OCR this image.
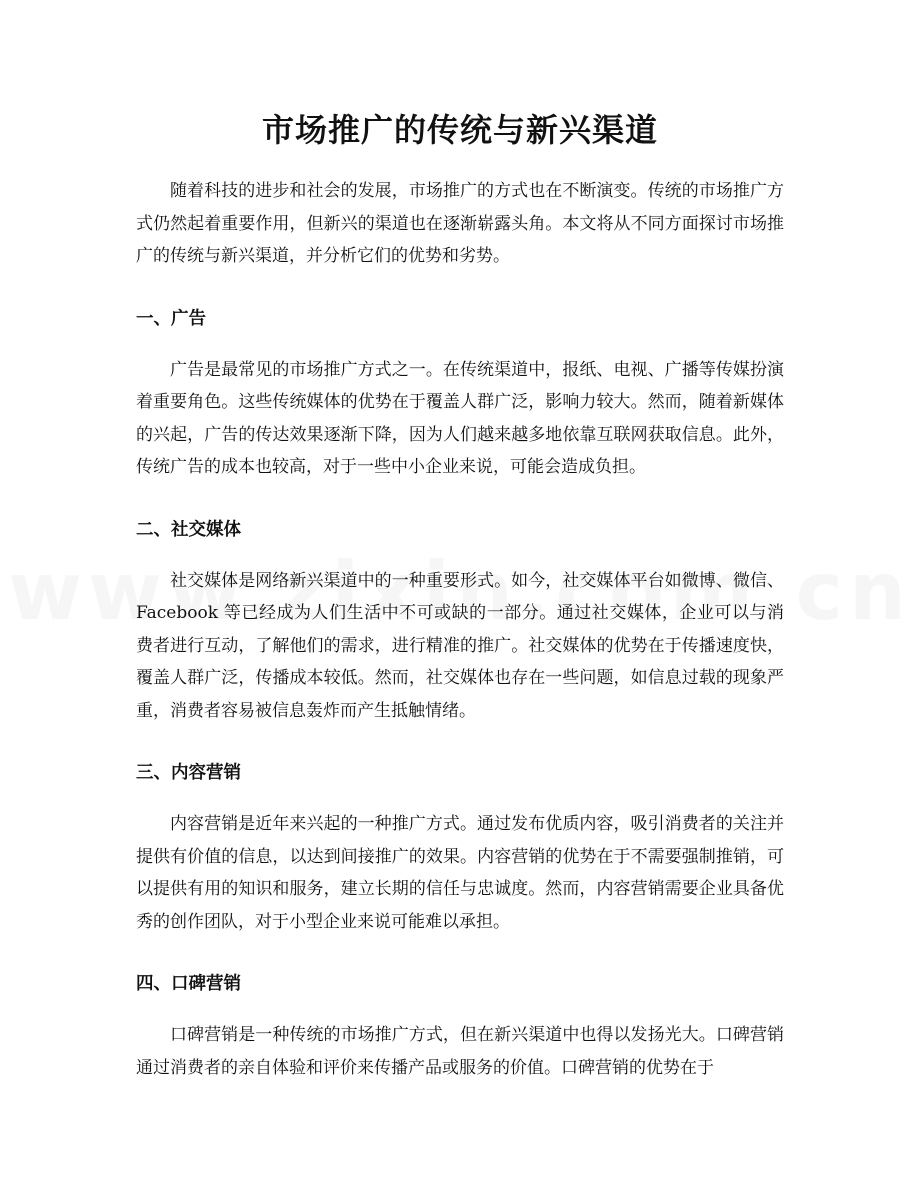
市场推广的传统与新兴渠道

随着科技的进步和社会的发展，市场推广的方式也在不断演变。传统的市场推广方式仍然起着重要作用，但新兴的渠道也在逐渐崭露头角。本文将从不同方面探讨市场推广的传统与新兴渠道，并分析它们的优势和劣势。

一、广告

广告是最常见的市场推广方式之一。在传统渠道中，报纸、电视、广播等传媒扮演着重要角色。这些传统媒体的优势在于覆盖人群广泛，影响力较大。然而，随着新媒体的兴起，广告的传达效果逐渐下降，因为人们越来越多地依靠互联网获取信息。此外，传统广告的成本也较高，对于一些中小企业来说，可能会造成负担。

二、社交媒体

社交媒体是网络新兴渠道中的一种重要形式。如今，社交媒体平台如微博、微信、Facebook 等已经成为人们生活中不可或缺的一部分。通过社交媒体，企业可以与消费者进行互动，了解他们的需求，进行精准的推广。社交媒体的优势在于传播速度快，覆盖人群广泛，传播成本较低。然而，社交媒体也存在一些问题，如信息过载的现象严重，消费者容易被信息轰炸而产生抵触情绪。

三、内容营销

内容营销是近年来兴起的一种推广方式。通过发布优质内容，吸引消费者的关注并提供有价值的信息，以达到间接推广的效果。内容营销的优势在于不需要强制推销，可以提供有用的知识和服务，建立长期的信任与忠诚度。然而，内容营销需要企业具备优秀的创作团队，对于小型企业来说可能难以承担。

四、口碑营销

口碑营销是一种传统的市场推广方式，但在新兴渠道中也得以发扬光大。口碑营销通过消费者的亲自体验和评价来传播产品或服务的价值。口碑营销的优势在于
